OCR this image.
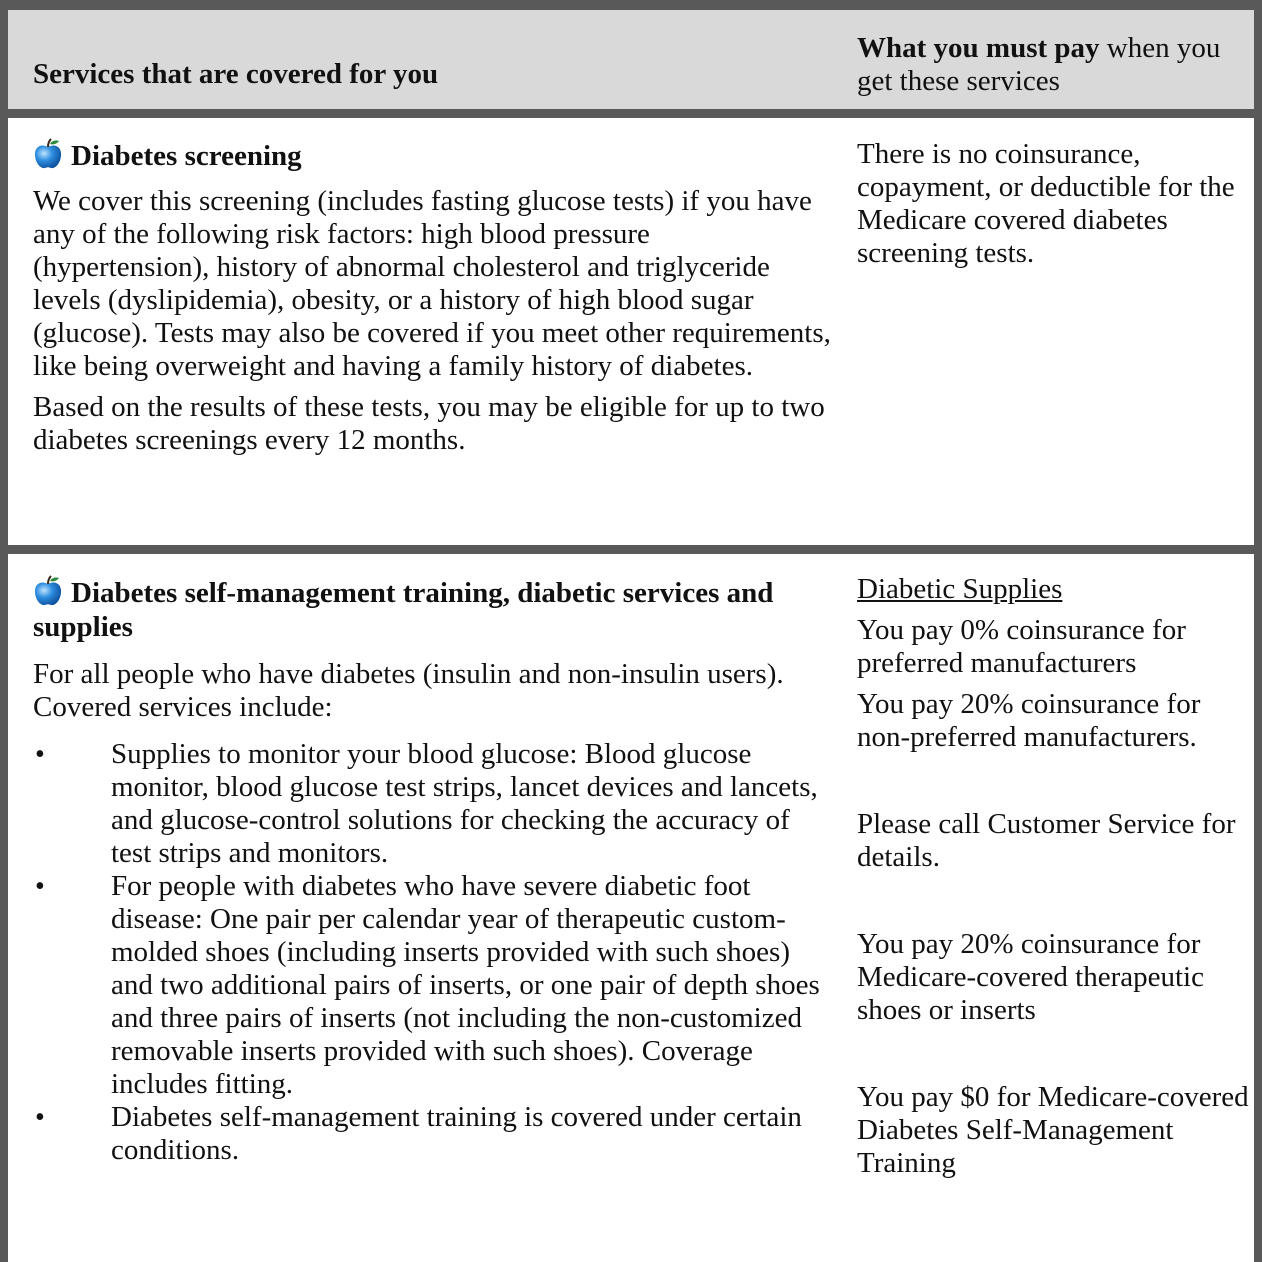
Services that are covered for you
What you must pay when you get these services
Diabetes screening

We cover this screening (includes fasting glucose tests) if you have any of the following risk factors: high blood pressure (hypertension), history of abnormal cholesterol and triglyceride levels (dyslipidemia), obesity, or a history of high blood sugar (glucose). Tests may also be covered if you meet other requirements, like being overweight and having a family history of diabetes.

Based on the results of these tests, you may be eligible for up to two diabetes screenings every 12 months.

There is no coinsurance, copayment, or deductible for the Medicare covered diabetes screening tests.
Diabetes self-management training, diabetic services and supplies

For all people who have diabetes (insulin and non-insulin users). Covered services include:

• Supplies to monitor your blood glucose: Blood glucose monitor, blood glucose test strips, lancet devices and lancets, and glucose-control solutions for checking the accuracy of test strips and monitors.
• For people with diabetes who have severe diabetic foot disease: One pair per calendar year of therapeutic custom-molded shoes (including inserts provided with such shoes) and two additional pairs of inserts, or one pair of depth shoes and three pairs of inserts (not including the non-customized removable inserts provided with such shoes). Coverage includes fitting.
• Diabetes self-management training is covered under certain conditions.

Diabetic Supplies

You pay 0% coinsurance for preferred manufacturers

You pay 20% coinsurance for non-preferred manufacturers.

Please call Customer Service for details.

You pay 20% coinsurance for Medicare-covered therapeutic shoes or inserts

You pay $0 for Medicare-covered Diabetes Self-Management Training
